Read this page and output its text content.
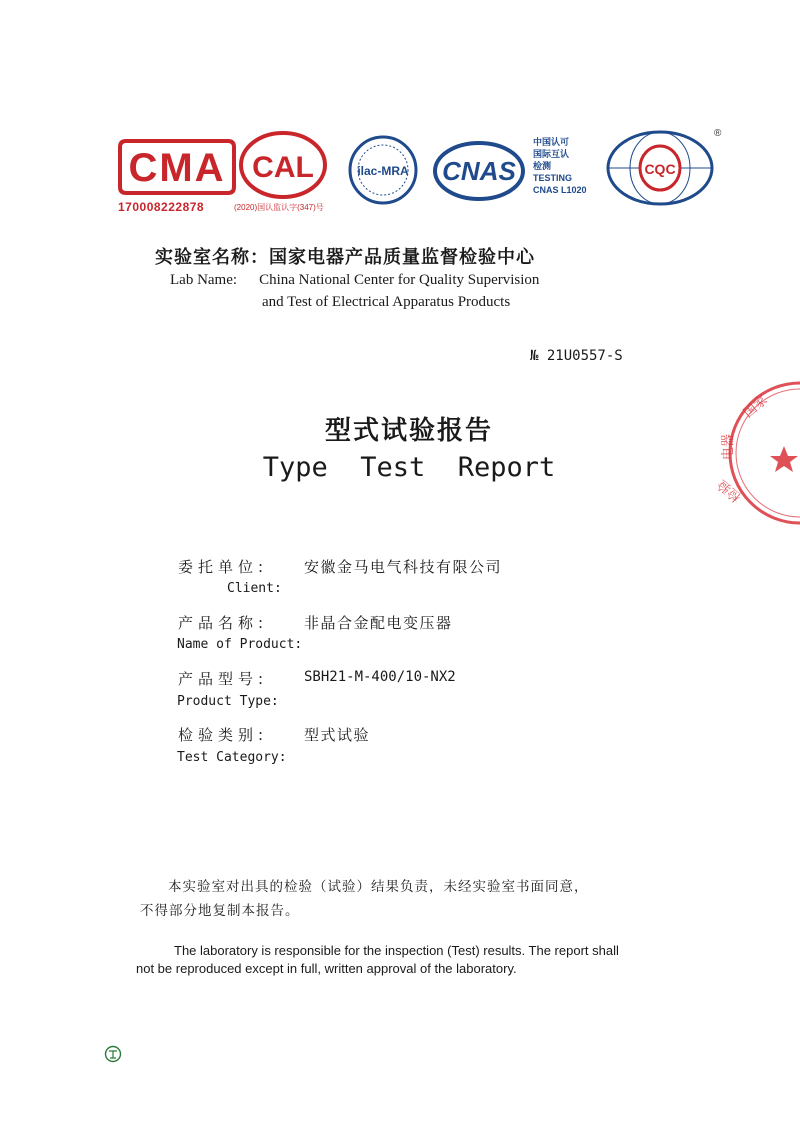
CMA
170008222878
CAL
(2020)国认监认字(347)号
ilac-MRA CNAS
中国认可
国际互认
检测
TESTING
CNAS L1020
CQC
®
实验室名称：国家电器产品质量监督检验中心
Lab Name: China National Center for Quality Supervision
and Test of Electrical Apparatus Products
№ 21U0557-S
型式试验报告
Type  Test  Report
委托单位: 安徽金马电气科技有限公司
Client:
产品名称: 非晶合金配电变压器
Name of Product:
产品型号:	SBH21-M-400/10-NX2
Product Type:
检验类别: 型式试验
Test Category:
本实验室对出具的检验（试验）结果负责，未经实验室书面同意，
不得部分地复制本报告。
The laboratory is responsible for the inspection (Test) results. The report shall
not be reproduced except in full, written approval of the laboratory.
国家
电器
检验
